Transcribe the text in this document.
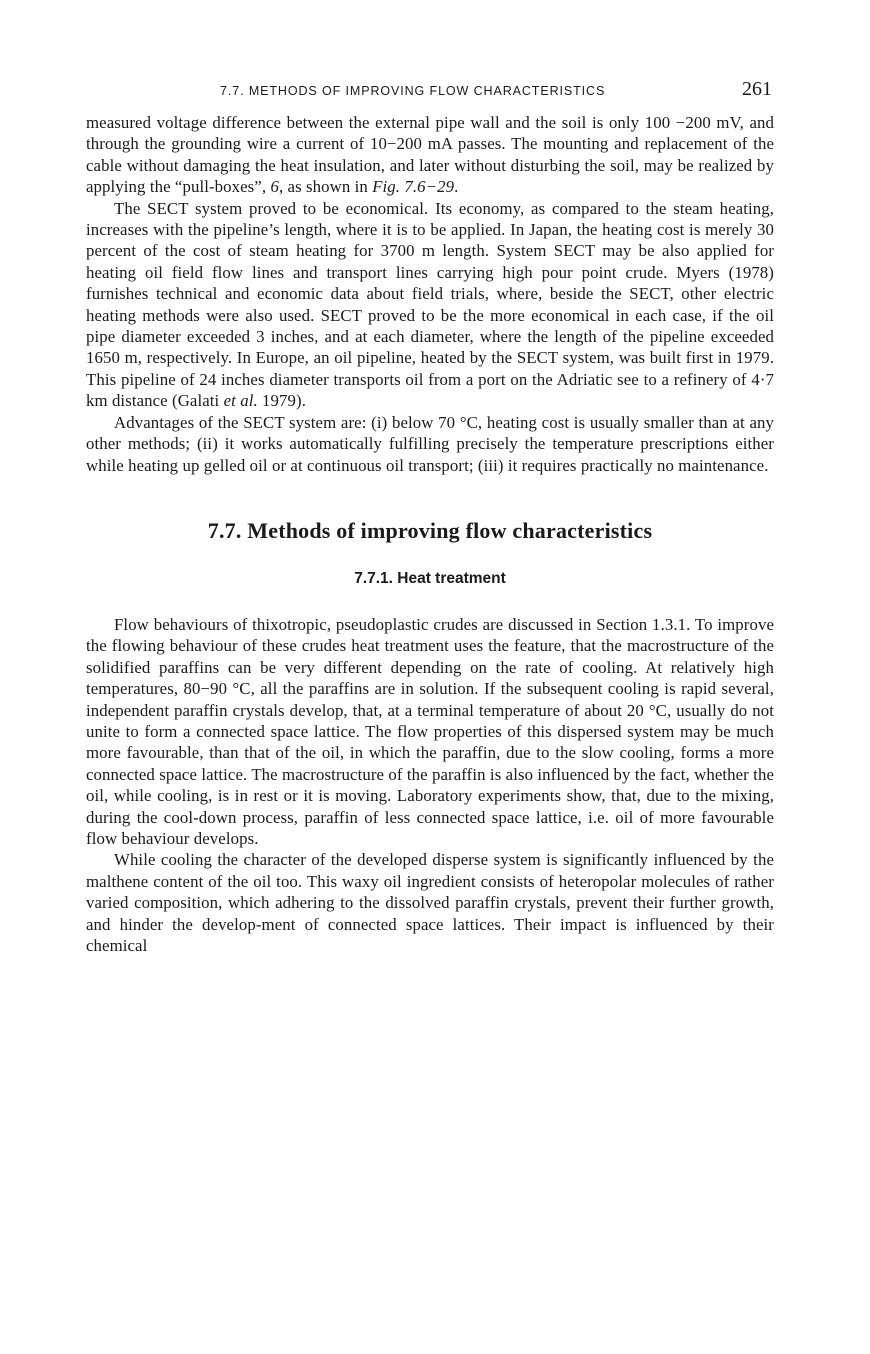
7.7. METHODS OF IMPROVING FLOW CHARACTERISTICS	261

measured voltage difference between the external pipe wall and the soil is only 100 −200 mV, and through the grounding wire a current of 10−200 mA passes. The mounting and replacement of the cable without damaging the heat insulation, and later without disturbing the soil, may be realized by applying the “pull-boxes”, 6, as shown in Fig. 7.6−29.

The SECT system proved to be economical. Its economy, as compared to the steam heating, increases with the pipeline’s length, where it is to be applied. In Japan, the heating cost is merely 30 percent of the cost of steam heating for 3700 m length. System SECT may be also applied for heating oil field flow lines and transport lines carrying high pour point crude. Myers (1978) furnishes technical and economic data about field trials, where, beside the SECT, other electric heating methods were also used. SECT proved to be the more economical in each case, if the oil pipe diameter exceeded 3 inches, and at each diameter, where the length of the pipeline exceeded 1650 m, respectively. In Europe, an oil pipeline, heated by the SECT system, was built first in 1979. This pipeline of 24 inches diameter transports oil from a port on the Adriatic see to a refinery of 4·7 km distance (Galati et al. 1979).

Advantages of the SECT system are: (i) below 70 °C, heating cost is usually smaller than at any other methods; (ii) it works automatically fulfilling precisely the temperature prescriptions either while heating up gelled oil or at continuous oil transport; (iii) it requires practically no maintenance.

7.7. Methods of improving flow characteristics
7.7.1. Heat treatment

Flow behaviours of thixotropic, pseudoplastic crudes are discussed in Section 1.3.1. To improve the flowing behaviour of these crudes heat treatment uses the feature, that the macrostructure of the solidified paraffins can be very different depending on the rate of cooling. At relatively high temperatures, 80−90 °C, all the paraffins are in solution. If the subsequent cooling is rapid several, independent paraffin crystals develop, that, at a terminal temperature of about 20 °C, usually do not unite to form a connected space lattice. The flow properties of this dispersed system may be much more favourable, than that of the oil, in which the paraffin, due to the slow cooling, forms a more connected space lattice. The macrostructure of the paraffin is also influenced by the fact, whether the oil, while cooling, is in rest or it is moving. Laboratory experiments show, that, due to the mixing, during the cool-down process, paraffin of less connected space lattice, i.e. oil of more favourable flow behaviour develops.

While cooling the character of the developed disperse system is significantly influenced by the malthene content of the oil too. This waxy oil ingredient consists of heteropolar molecules of rather varied composition, which adhering to the dissolved paraffin crystals, prevent their further growth, and hinder the develop-ment of connected space lattices. Their impact is influenced by their chemical
